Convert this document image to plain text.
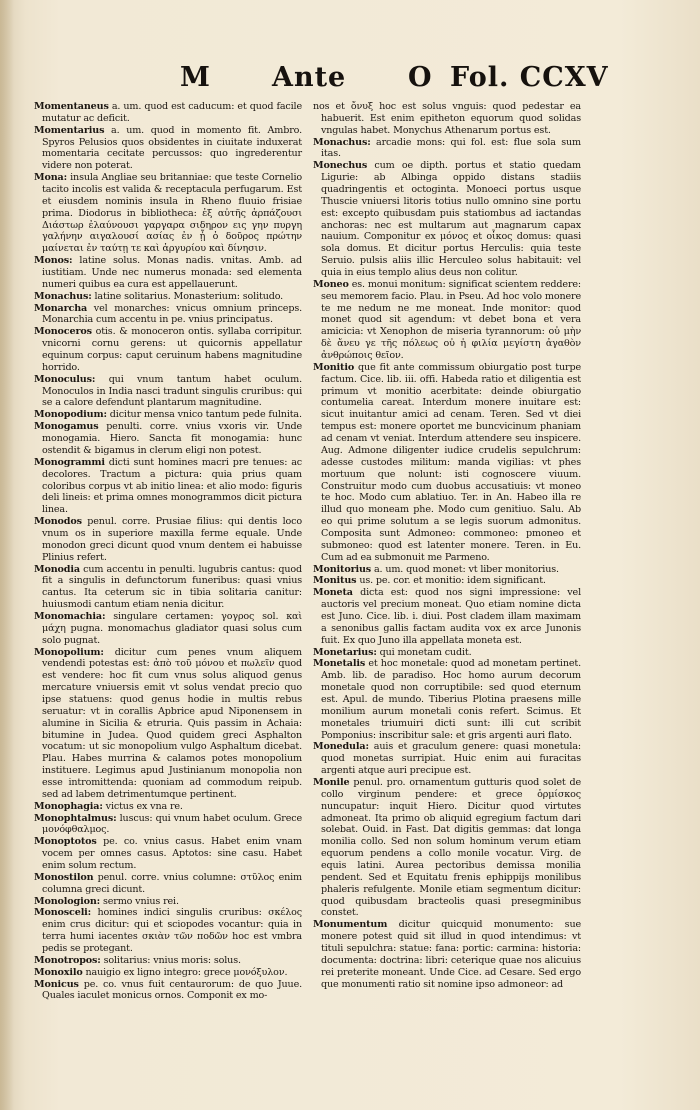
M Ante O Fol. CCXV

Momentaneus a. um. quod est caducum: et quod facile mutatur ac deficit.

Momentarius a. um. quod in momento fit. Ambro. Spyros Pelusios quos obsidentes in ciuitate induxerat momentaria cecitate percussos: quo ingrederentur videre non poterat.

Mona: insula Angliae seu britanniae: que teste Cornelio tacito incolis est valida & receptacula perfugarum. Est et eiusdem nominis insula in Rheno fluuio frisiae prima. Diodorus in bibliotheca: ἐξ αὐτῆς ἁρπάζουσι Διάστωρ ἐλαύνουσι γαργαρα σιδηρον εις γην πυργη γαλήνην αιγαλουσί ασίας ἐν ᾗ ὁ δοῦρος πρώτην μαίνεται ἐν ταύτῃ τε καὶ ἀργυρίου καὶ δίνησιν.

Monos: latine solus. Monas nadis. vnitas. Amb. ad iustitiam. Unde nec numerus monada: sed elementa numeri quibus ea cura est appellauerunt.

Monachus: latine solitarius. Monasterium: solitudo.

Monarcha vel monarches: vnicus omnium princeps. Monarchia cum accentu in pe. vnius principatus.

Monoceros otis. & monoceron ontis. syllaba corripitur. vnicorni cornu gerens: ut quicornis appellatur equinum corpus: caput ceruinum habens magnitudine horrido.

Monoculus: qui vnum tantum habet oculum. Monoculos in India nasci tradunt singulis cruribus: qui se a calore defendunt plantarum magnitudine.

Monopodium: dicitur mensa vnico tantum pede fulnita.

Monogamus penulti. corre. vnius vxoris vir. Unde monogamia. Hiero. Sancta fit monogamia: hunc ostendit & bigamus in clerum eligi non potest.

Monogrammi dicti sunt homines macri pre tenues: ac decolores. Tractum a pictura: quia prius quam coloribus corpus vt ab initio linea: et alio modo: figuris deli lineis: et prima omnes monogrammos dicit pictura linea.

Monodos penul. corre. Prusiae filius: qui dentis loco vnum os in superiore maxilla ferme equale. Unde monodon greci dicunt quod vnum dentem ei habuisse Plinius refert.

Monodia cum accentu in penulti. lugubris cantus: quod fit a singulis in defunctorum funeribus: quasi vnius cantus. Ita ceterum sic in tibia solitaria canitur: huiusmodi cantum etiam nenia dicitur.

Monomachia: singulare certamen: γογρος sol. καὶ μάχη pugna. monomachus gladiator quasi solus cum solo pugnat.

Monopolium: dicitur cum penes vnum aliquem vendendi potestas est: ἀπὸ τοῦ μόνου et πωλεῖν quod est vendere: hoc fit cum vnus solus aliquod genus mercature vniuersis emit vt solus vendat precio quo ipse statuens: quod genus hodie in multis rebus seruatur: vt in corallis Apbrice apud Niponensem in alumine in Sicilia & etruria. Quis passim in Achaia: bitumine in Judea. Quod quidem greci Asphalton vocatum: ut sic monopolium vulgo Asphaltum dicebat. Plau. Habes murrina & calamos potes monopolium instituere. Legimus apud Justinianum monopolia non esse intromittenda: quoniam ad commodum reipub. sed ad labem detrimentumque pertinent.

Monophagia: victus ex vna re.

Monophtalmus: luscus: qui vnum habet oculum. Grece μονόφθαλμος.

Monoptotos pe. co. vnius casus. Habet enim vnam vocem per omnes casus. Aptotos: sine casu. Habet enim solum rectum.

Monostilon penul. corre. vnius columne: στῦλος enim columna greci dicunt.

Monologion: sermo vnius rei.

Monosceli: homines indici singulis cruribus: σκέλος enim crus dicitur: qui et sciopodes vocantur: quia in terra humi iacentes σκιὰν τῶν ποδῶν hoc est vmbra pedis se protegant.

Monotropos: solitarius: vnius moris: solus.

Monoxilo nauigio ex ligno integro: grece μονόξυλον.

Monicus pe. co. vnus fuit centaurorum: de quo Juue. Quales iaculet monicus ornos. Componit ex mo-

nos et ὄνυξ hoc est solus vnguis: quod pedestar ea habuerit. Est enim epitheton equorum quod solidas vngulas habet. Monychus Athenarum portus est.

Monachus: arcadie mons: qui fol. est: flue sola sum itas.

Monechus cum oe dipth. portus et statio quedam Ligurie: ab Albinga oppido distans stadiis quadringentis et octoginta. Monoeci portus usque Thuscie vniuersi litoris totius nullo omnino sine portu est: excepto quibusdam puis statiombus ad iactandas anchoras: nec est multarum aut magnarum capax nauium. Componitur ex μόνος et οἶκος domus: quasi sola domus. Et dicitur portus Herculis: quia teste Seruio. pulsis aliis illic Herculeo solus habitauit: vel quia in eius templo alius deus non colitur.

Moneo es. monui monitum: significat scientem reddere: seu memorem facio. Plau. in Pseu. Ad hoc volo monere te me nedum ne me moneat. Inde monitor: quod monet quod sit agendum: vt debet bona et vera amicicia: vt Xenophon de miseria tyrannorum: οὐ μὴν δὲ ἄνευ γε τῆς πόλεως οὐ ἡ φιλία μεγίστη ἀγαθὸν ἀνθρώποις θεῖον.

Monitio que fit ante commissum obiurgatio post turpe factum. Cice. lib. iii. offi. Habeda ratio et diligentia est primum vt monitio acerbitate: deinde obiurgatio contumelia careat. Interdum monere inuitare est: sicut inuitantur amici ad cenam. Teren. Sed vt diei tempus est: monere oportet me buncvicinum phaniam ad cenam vt veniat. Interdum attendere seu inspicere. Aug. Admone diligenter iudice crudelis sepulchrum: adesse custodes militum: manda vigilias: vt phes mortuum que nolunt: isti cognoscere viuum. Construitur modo cum duobus accusatiuis: vt moneo te hoc. Modo cum ablatiuo. Ter. in An. Habeo illa re illud quo moneam phe. Modo cum genitiuo. Salu. Ab eo qui prime solutum a se legis suorum admonitus. Composita sunt Admoneo: commoneo: pmoneo et submoneo: quod est latenter monere. Teren. in Eu. Cum ad ea submonuit me Parmeno.

Monitorius a. um. quod monet: vt liber monitorius.

Monitus us. pe. cor. et monitio: idem significant.

Moneta dicta est: quod nos signi impressione: vel auctoris vel precium moneat. Quo etiam nomine dicta est Juno. Cice. lib. i. diui. Post cladem illam maximam a senonibus gallis factam audita vox ex arce Junonis fuit. Ex quo Juno illa appellata moneta est.

Monetarius: qui monetam cudit.

Monetalis et hoc monetale: quod ad monetam pertinet. Amb. lib. de paradiso. Hoc homo aurum decorum monetale quod non corruptibile: sed quod eternum est. Apul. de mundo. Tiberius Plotina praesens mille monilium aurum monetali conis refert. Scimus. Et monetales triumuiri dicti sunt: illi cut scribit Pomponius: inscribitur sale: et gris argenti auri flato.

Monedula: auis et graculum genere: quasi monetula: quod monetas surripiat. Huic enim aui furacitas argenti atque auri precipue est.

Monile penul. pro. ornamentum gutturis quod solet de collo virginum pendere: et grece ὁρμίσκος nuncupatur: inquit Hiero. Dicitur quod virtutes admoneat. Ita primo ob aliquid egregium factum dari solebat. Ouid. in Fast. Dat digitis gemmas: dat longa monilia collo. Sed non solum hominum verum etiam equorum pendens a collo monile vocatur. Virg. de equis latini. Aurea pectoribus demissa monilia pendent. Sed et Equitatu frenis ephippijs monilibus phaleris refulgente. Monile etiam segmentum dicitur: quod quibusdam bracteolis quasi presegminibus constet.

Monumentum dicitur quicquid monumento: sue monere potest quid sit illud in quod intendimus: vt tituli sepulchra: statue: fana: portic: carmina: historia: documenta: doctrina: libri: ceterique quae nos alicuius rei preterite moneant. Unde Cice. ad Cesare. Sed ergo que monumenti ratio sit nomine ipso admoneor: ad
